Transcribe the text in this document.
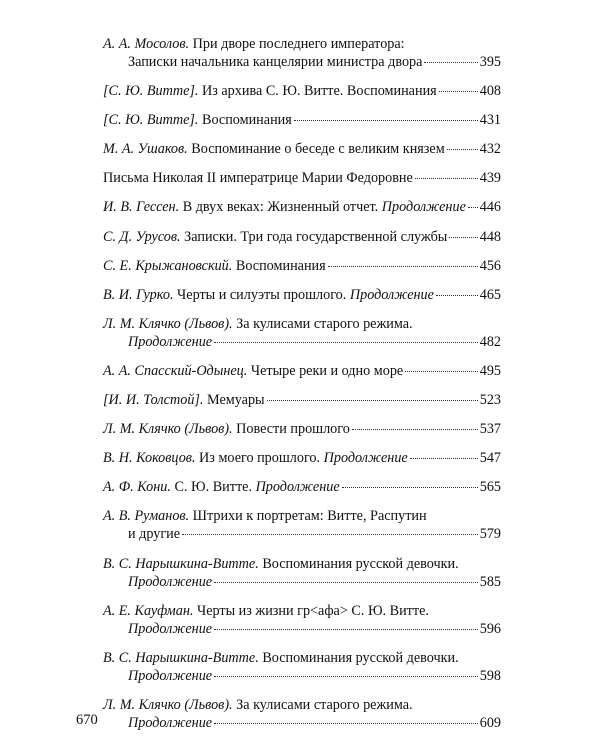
А. А. Мосолов. При дворе последнего императора:
Записки начальника канцелярии министра двора	395
[С. Ю. Витте]. Из архива С. Ю. Витте. Воспоминания	408
[С. Ю. Витте]. Воспоминания	431
М. А. Ушаков. Воспоминание о беседе с великим князем 432
Письма Николая II императрице Марии Федоровне	439
И. В. Гессен. В двух веках: Жизненный отчет. Продолжение 446
С. Д. Урусов. Записки. Три года государственной службы 448
С. Е. Крыжановский. Воспоминания	456
В. И. Гурко. Черты и силуэты прошлого. Продолжение	465
Л. М. Клячко (Львов). За кулисами старого режима.
Продолжение	482
А. А. Спасский-Одынец. Четыре реки и одно море	495
[И. И. Толстой]. Мемуары	523
Л. М. Клячко (Львов). Повести прошлого	537
В. Н. Коковцов. Из моего прошлого. Продолжение	547
А. Ф. Кони. С. Ю. Витте. Продолжение	565
А. В. Руманов. Штрихи к портретам: Витте, Распутин
и другие	579
В. С. Нарышкина-Витте. Воспоминания русской девочки.
Продолжение	585
А. Е. Кауфман. Черты из жизни гр<афа> С. Ю. Витте.
Продолжение	596
В. С. Нарышкина-Витте. Воспоминания русской девочки.
Продолжение	598
Л. М. Клячко (Львов). За кулисами старого режима.
Продолжение	609
670
